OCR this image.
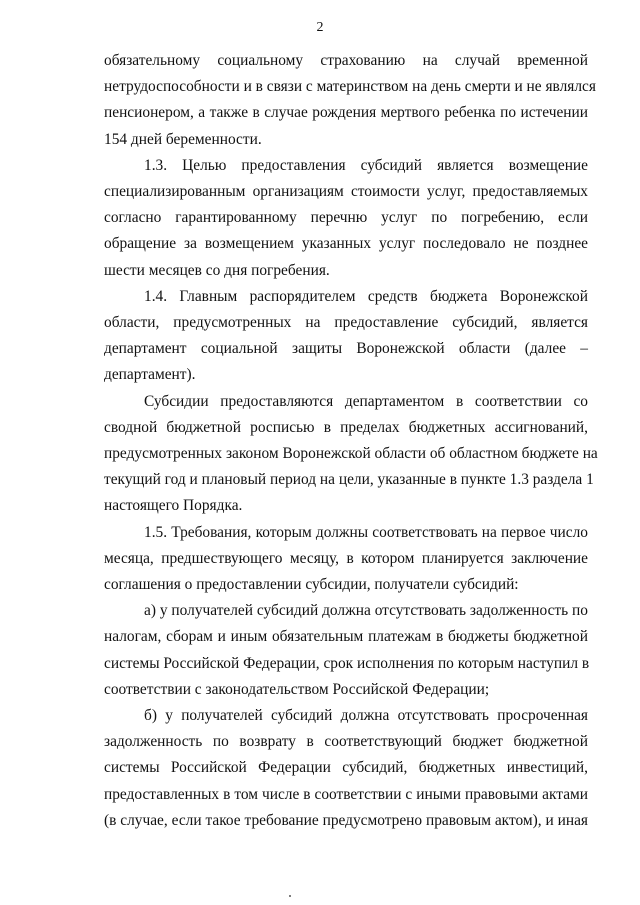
2
обязательному социальному страхованию на случай временной
нетрудоспособности и в связи с материнством на день смерти и не являлся
пенсионером, а также в случае рождения мертвого ребенка по истечении
154 дней беременности.
1.3. Целью предоставления субсидий является возмещение
специализированным организациям стоимости услуг, предоставляемых
согласно гарантированному перечню услуг по погребению, если
обращение за возмещением указанных услуг последовало не позднее
шести месяцев со дня погребения.
1.4. Главным распорядителем средств бюджета Воронежской
области, предусмотренных на предоставление субсидий, является
департамент социальной защиты Воронежской области (далее –
департамент).
Субсидии предоставляются департаментом в соответствии со
сводной бюджетной росписью в пределах бюджетных ассигнований,
предусмотренных законом Воронежской области об областном бюджете на
текущий год и плановый период на цели, указанные в пункте 1.3 раздела 1
настоящего Порядка.
1.5. Требования, которым должны соответствовать на первое число
месяца, предшествующего месяцу, в котором планируется заключение
соглашения о предоставлении субсидии, получатели субсидий:
а) у получателей субсидий должна отсутствовать задолженность по
налогам, сборам и иным обязательным платежам в бюджеты бюджетной
системы Российской Федерации, срок исполнения по которым наступил в
соответствии с законодательством Российской Федерации;
б) у получателей субсидий должна отсутствовать просроченная
задолженность по возврату в соответствующий бюджет бюджетной
системы Российской Федерации субсидий, бюджетных инвестиций,
предоставленных в том числе в соответствии с иными правовыми актами
(в случае, если такое требование предусмотрено правовым актом), и иная
